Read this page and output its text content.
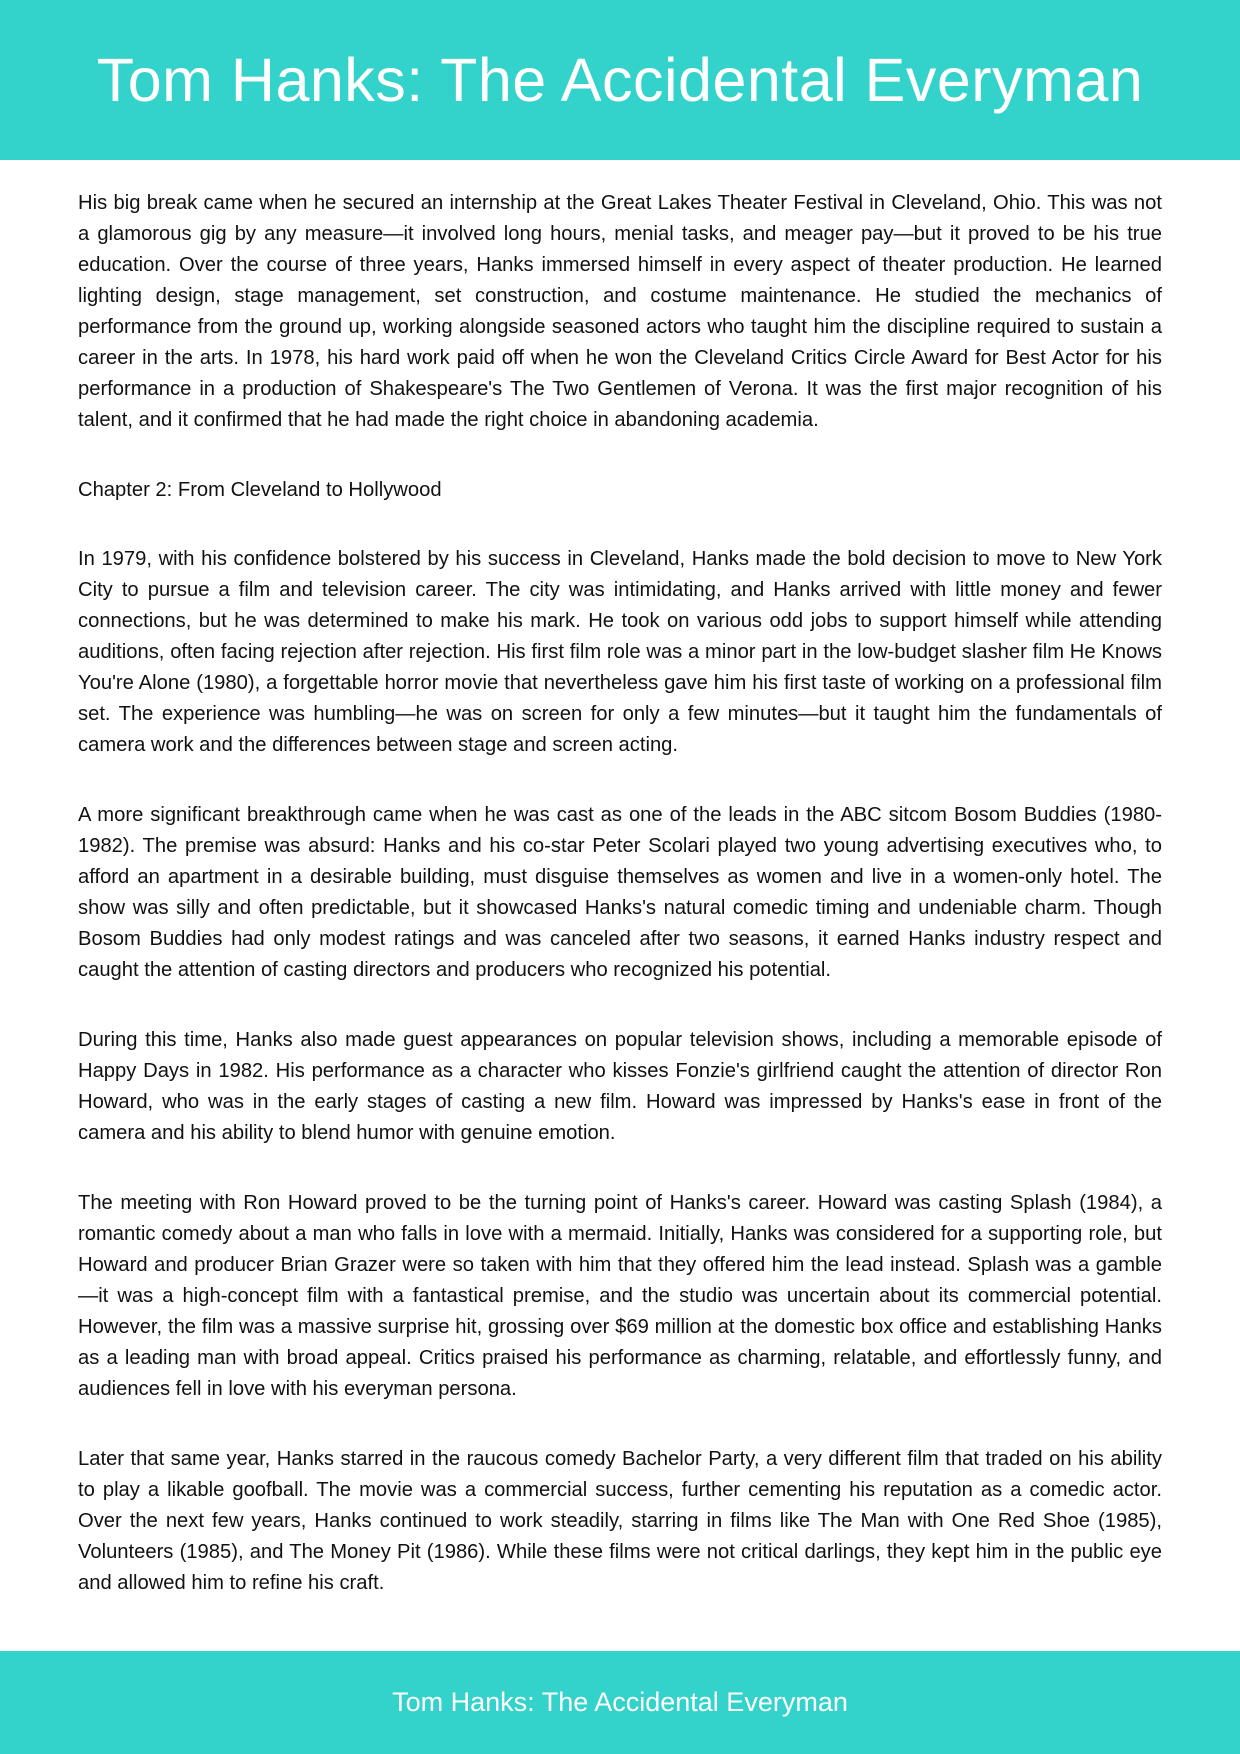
Tom Hanks: The Accidental Everyman

His big break came when he secured an internship at the Great Lakes Theater Festival in Cleveland, Ohio. This was not a glamorous gig by any measure—it involved long hours, menial tasks, and meager pay—but it proved to be his true education. Over the course of three years, Hanks immersed himself in every aspect of theater production. He learned lighting design, stage management, set construction, and costume maintenance. He studied the mechanics of performance from the ground up, working alongside seasoned actors who taught him the discipline required to sustain a career in the arts. In 1978, his hard work paid off when he won the Cleveland Critics Circle Award for Best Actor for his performance in a production of Shakespeare's The Two Gentlemen of Verona. It was the first major recognition of his talent, and it confirmed that he had made the right choice in abandoning academia.

Chapter 2: From Cleveland to Hollywood

In 1979, with his confidence bolstered by his success in Cleveland, Hanks made the bold decision to move to New York City to pursue a film and television career. The city was intimidating, and Hanks arrived with little money and fewer connections, but he was determined to make his mark. He took on various odd jobs to support himself while attending auditions, often facing rejection after rejection. His first film role was a minor part in the low-budget slasher film He Knows You're Alone (1980), a forgettable horror movie that nevertheless gave him his first taste of working on a professional film set. The experience was humbling—he was on screen for only a few minutes—but it taught him the fundamentals of camera work and the differences between stage and screen acting.

A more significant breakthrough came when he was cast as one of the leads in the ABC sitcom Bosom Buddies (1980-1982). The premise was absurd: Hanks and his co-star Peter Scolari played two young advertising executives who, to afford an apartment in a desirable building, must disguise themselves as women and live in a women-only hotel. The show was silly and often predictable, but it showcased Hanks's natural comedic timing and undeniable charm. Though Bosom Buddies had only modest ratings and was canceled after two seasons, it earned Hanks industry respect and caught the attention of casting directors and producers who recognized his potential.

During this time, Hanks also made guest appearances on popular television shows, including a memorable episode of Happy Days in 1982. His performance as a character who kisses Fonzie's girlfriend caught the attention of director Ron Howard, who was in the early stages of casting a new film. Howard was impressed by Hanks's ease in front of the camera and his ability to blend humor with genuine emotion.

The meeting with Ron Howard proved to be the turning point of Hanks's career. Howard was casting Splash (1984), a romantic comedy about a man who falls in love with a mermaid. Initially, Hanks was considered for a supporting role, but Howard and producer Brian Grazer were so taken with him that they offered him the lead instead. Splash was a gamble—it was a high-concept film with a fantastical premise, and the studio was uncertain about its commercial potential. However, the film was a massive surprise hit, grossing over $69 million at the domestic box office and establishing Hanks as a leading man with broad appeal. Critics praised his performance as charming, relatable, and effortlessly funny, and audiences fell in love with his everyman persona.

Later that same year, Hanks starred in the raucous comedy Bachelor Party, a very different film that traded on his ability to play a likable goofball. The movie was a commercial success, further cementing his reputation as a comedic actor. Over the next few years, Hanks continued to work steadily, starring in films like The Man with One Red Shoe (1985), Volunteers (1985), and The Money Pit (1986). While these films were not critical darlings, they kept him in the public eye and allowed him to refine his craft.

Tom Hanks: The Accidental Everyman
